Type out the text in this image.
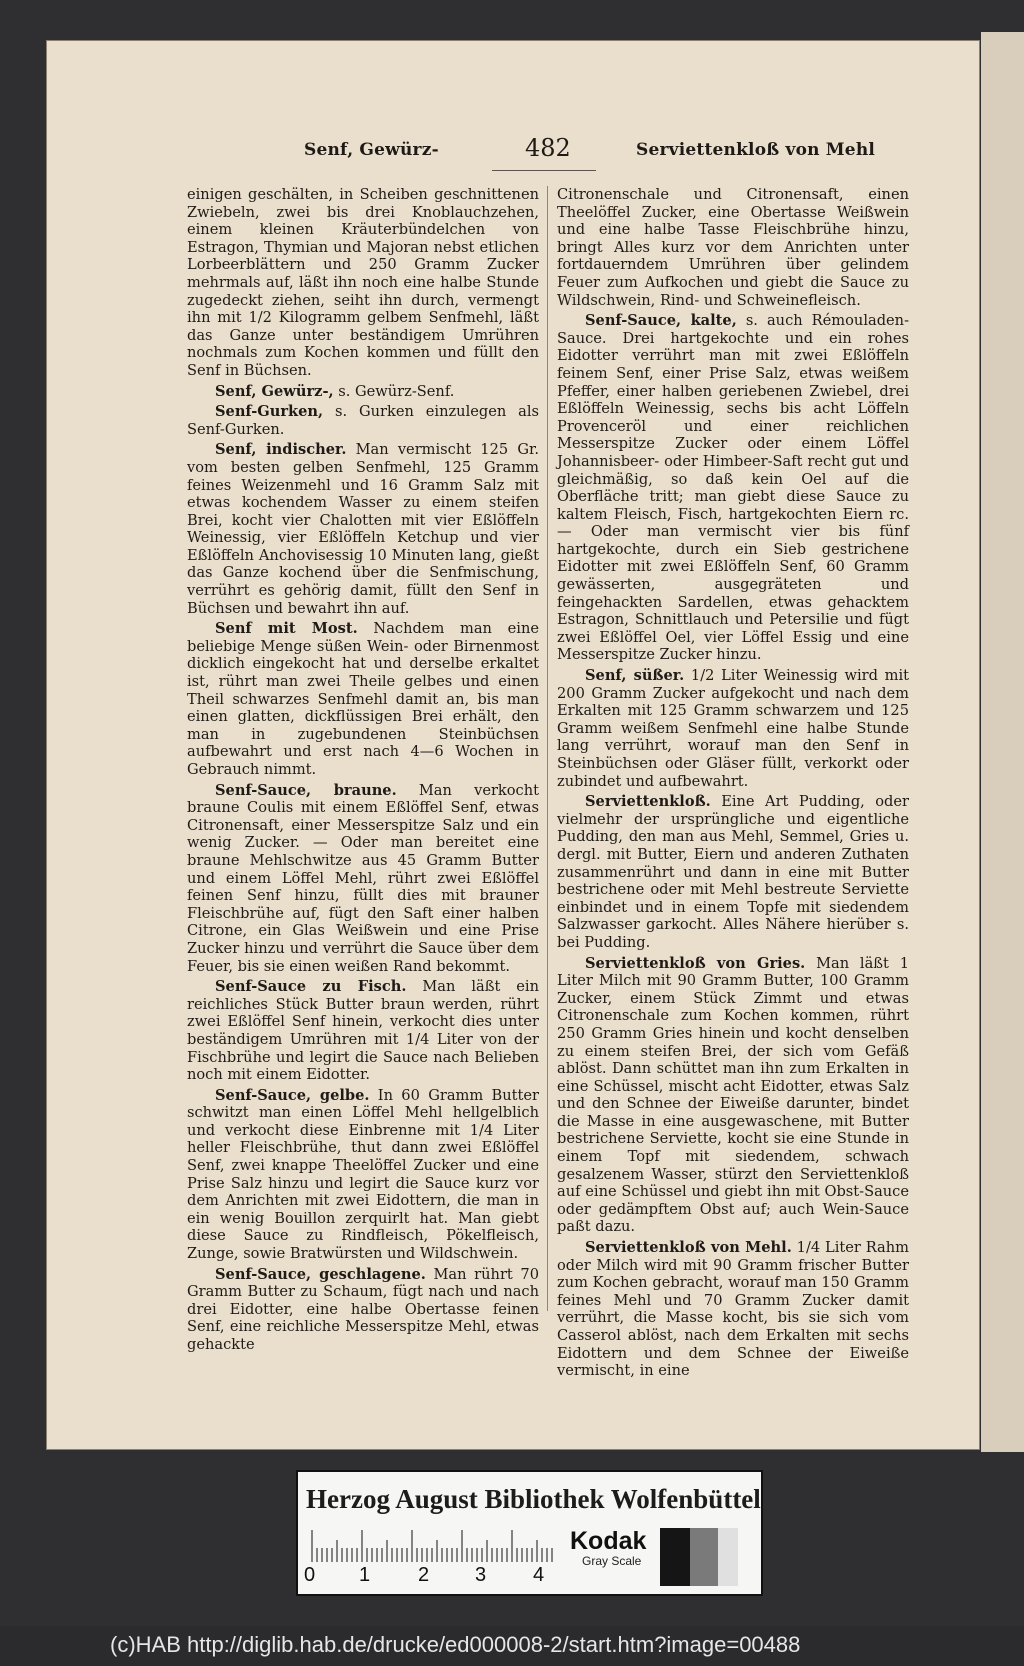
Senf, Gewürz-	482	Serviettenkloß von Mehl

einigen geschälten, in Scheiben geschnittenen Zwiebeln, zwei bis drei Knoblauchzehen, einem kleinen Kräuterbündelchen von Estragon, Thymian und Majoran nebst etlichen Lorbeerblättern und 250 Gramm Zucker mehrmals auf, läßt ihn noch eine halbe Stunde zugedeckt ziehen, seiht ihn durch, vermengt ihn mit 1/2 Kilogramm gelbem Senfmehl, läßt das Ganze unter beständigem Umrühren nochmals zum Kochen kommen und füllt den Senf in Büchsen.

Senf, Gewürz-, s. Gewürz-Senf.

Senf-Gurken, s. Gurken einzulegen als Senf-Gurken.

Senf, indischer. Man vermischt 125 Gr. vom besten gelben Senfmehl, 125 Gramm feines Weizenmehl und 16 Gramm Salz mit etwas kochendem Wasser zu einem steifen Brei, kocht vier Chalotten mit vier Eßlöffeln Weinessig, vier Eßlöffeln Ketchup und vier Eßlöffeln Anchovisessig 10 Minuten lang, gießt das Ganze kochend über die Senfmischung, verrührt es gehörig damit, füllt den Senf in Büchsen und bewahrt ihn auf.

Senf mit Most. Nachdem man eine beliebige Menge süßen Wein- oder Birnenmost dicklich eingekocht hat und derselbe erkaltet ist, rührt man zwei Theile gelbes und einen Theil schwarzes Senfmehl damit an, bis man einen glatten, dickflüssigen Brei erhält, den man in zugebundenen Steinbüchsen aufbewahrt und erst nach 4—6 Wochen in Gebrauch nimmt.

Senf-Sauce, braune. Man verkocht braune Coulis mit einem Eßlöffel Senf, etwas Citronensaft, einer Messerspitze Salz und ein wenig Zucker. — Oder man bereitet eine braune Mehlschwitze aus 45 Gramm Butter und einem Löffel Mehl, rührt zwei Eßlöffel feinen Senf hinzu, füllt dies mit brauner Fleischbrühe auf, fügt den Saft einer halben Citrone, ein Glas Weißwein und eine Prise Zucker hinzu und verrührt die Sauce über dem Feuer, bis sie einen weißen Rand bekommt.

Senf-Sauce zu Fisch. Man läßt ein reichliches Stück Butter braun werden, rührt zwei Eßlöffel Senf hinein, verkocht dies unter beständigem Umrühren mit 1/4 Liter von der Fischbrühe und legirt die Sauce nach Belieben noch mit einem Eidotter.

Senf-Sauce, gelbe. In 60 Gramm Butter schwitzt man einen Löffel Mehl hellgelblich und verkocht diese Einbrenne mit 1/4 Liter heller Fleischbrühe, thut dann zwei Eßlöffel Senf, zwei knappe Theelöffel Zucker und eine Prise Salz hinzu und legirt die Sauce kurz vor dem Anrichten mit zwei Eidottern, die man in ein wenig Bouillon zerquirlt hat. Man giebt diese Sauce zu Rindfleisch, Pökelfleisch, Zunge, sowie Bratwürsten und Wildschwein.

Senf-Sauce, geschlagene. Man rührt 70 Gramm Butter zu Schaum, fügt nach und nach drei Eidotter, eine halbe Obertasse feinen Senf, eine reichliche Messerspitze Mehl, etwas gehackte

Citronenschale und Citronensaft, einen Theelöffel Zucker, eine Obertasse Weißwein und eine halbe Tasse Fleischbrühe hinzu, bringt Alles kurz vor dem Anrichten unter fortdauerndem Umrühren über gelindem Feuer zum Aufkochen und giebt die Sauce zu Wildschwein, Rind- und Schweinefleisch.

Senf-Sauce, kalte, s. auch Rémouladen-Sauce. Drei hartgekochte und ein rohes Eidotter verrührt man mit zwei Eßlöffeln feinem Senf, einer Prise Salz, etwas weißem Pfeffer, einer halben geriebenen Zwiebel, drei Eßlöffeln Weinessig, sechs bis acht Löffeln Provenceröl und einer reichlichen Messerspitze Zucker oder einem Löffel Johannisbeer- oder Himbeer-Saft recht gut und gleichmäßig, so daß kein Oel auf die Oberfläche tritt; man giebt diese Sauce zu kaltem Fleisch, Fisch, hartgekochten Eiern rc. — Oder man vermischt vier bis fünf hartgekochte, durch ein Sieb gestrichene Eidotter mit zwei Eßlöffeln Senf, 60 Gramm gewässerten, ausgegräteten und feingehackten Sardellen, etwas gehacktem Estragon, Schnittlauch und Petersilie und fügt zwei Eßlöffel Oel, vier Löffel Essig und eine Messerspitze Zucker hinzu.

Senf, süßer. 1/2 Liter Weinessig wird mit 200 Gramm Zucker aufgekocht und nach dem Erkalten mit 125 Gramm schwarzem und 125 Gramm weißem Senfmehl eine halbe Stunde lang verrührt, worauf man den Senf in Steinbüchsen oder Gläser füllt, verkorkt oder zubindet und aufbewahrt.

Serviettenkloß. Eine Art Pudding, oder vielmehr der ursprüngliche und eigentliche Pudding, den man aus Mehl, Semmel, Gries u. dergl. mit Butter, Eiern und anderen Zuthaten zusammenrührt und dann in eine mit Butter bestrichene oder mit Mehl bestreute Serviette einbindet und in einem Topfe mit siedendem Salzwasser garkocht. Alles Nähere hierüber s. bei Pudding.

Serviettenkloß von Gries. Man läßt 1 Liter Milch mit 90 Gramm Butter, 100 Gramm Zucker, einem Stück Zimmt und etwas Citronenschale zum Kochen kommen, rührt 250 Gramm Gries hinein und kocht denselben zu einem steifen Brei, der sich vom Gefäß ablöst. Dann schüttet man ihn zum Erkalten in eine Schüssel, mischt acht Eidotter, etwas Salz und den Schnee der Eiweiße darunter, bindet die Masse in eine ausgewaschene, mit Butter bestrichene Serviette, kocht sie eine Stunde in einem Topf mit siedendem, schwach gesalzenem Wasser, stürzt den Serviettenkloß auf eine Schüssel und giebt ihn mit Obst-Sauce oder gedämpftem Obst auf; auch Wein-Sauce paßt dazu.

Serviettenkloß von Mehl. 1/4 Liter Rahm oder Milch wird mit 90 Gramm frischer Butter zum Kochen gebracht, worauf man 150 Gramm feines Mehl und 70 Gramm Zucker damit verrührt, die Masse kocht, bis sie sich vom Casserol ablöst, nach dem Erkalten mit sechs Eidottern und dem Schnee der Eiweiße vermischt, in eine

Herzog August Bibliothek Wolfenbüttel
0 1 2 3 4
Kodak
Gray Scale
(c)HAB http://diglib.hab.de/drucke/ed000008-2/start.htm?image=00488
